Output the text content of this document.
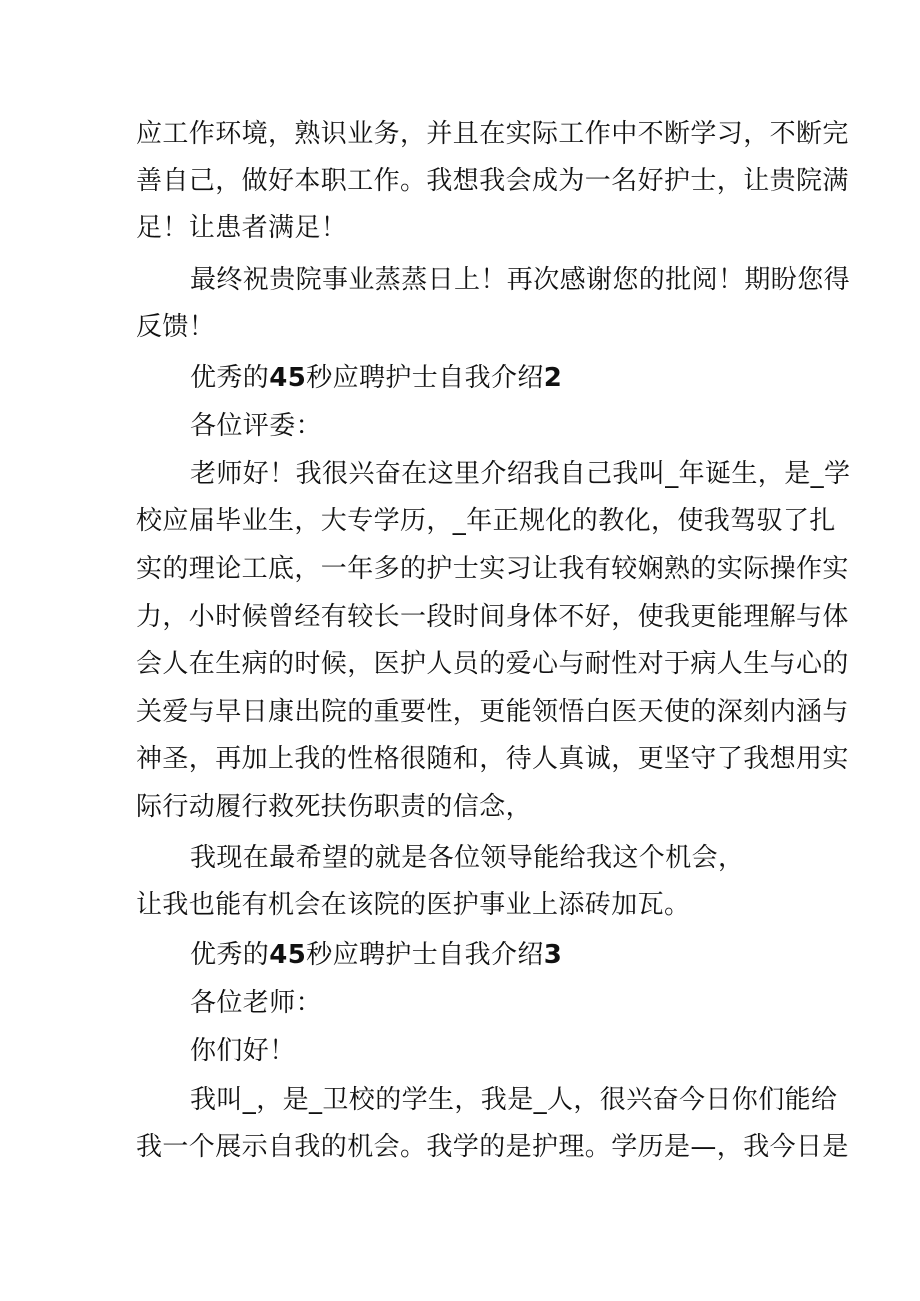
应工作环境，熟识业务，并且在实际工作中不断学习，不断完
善自己，做好本职工作。我想我会成为一名好护士，让贵院满
足！让患者满足！
最终祝贵院事业蒸蒸日上！再次感谢您的批阅！期盼您得
反馈！
优秀的45秒应聘护士自我介绍2
各位评委：
老师好！我很兴奋在这里介绍我自己我叫_年诞生，是_学
校应届毕业生，大专学历，_年正规化的教化，使我驾驭了扎
实的理论工底，一年多的护士实习让我有较娴熟的实际操作实
力，小时候曾经有较长一段时间身体不好，使我更能理解与体
会人在生病的时候，医护人员的爱心与耐性对于病人生与心的
关爱与早日康出院的重要性，更能领悟白医天使的深刻内涵与
神圣，再加上我的性格很随和，待人真诚，更坚守了我想用实
际行动履行救死扶伤职责的信念，
我现在最希望的就是各位领导能给我这个机会，
让我也能有机会在该院的医护事业上添砖加瓦。
优秀的45秒应聘护士自我介绍3
各位老师：
你们好！
我叫_，是_卫校的学生，我是_人，很兴奋今日你们能给
我一个展示自我的机会。我学的是护理。学历是—，我今日是
